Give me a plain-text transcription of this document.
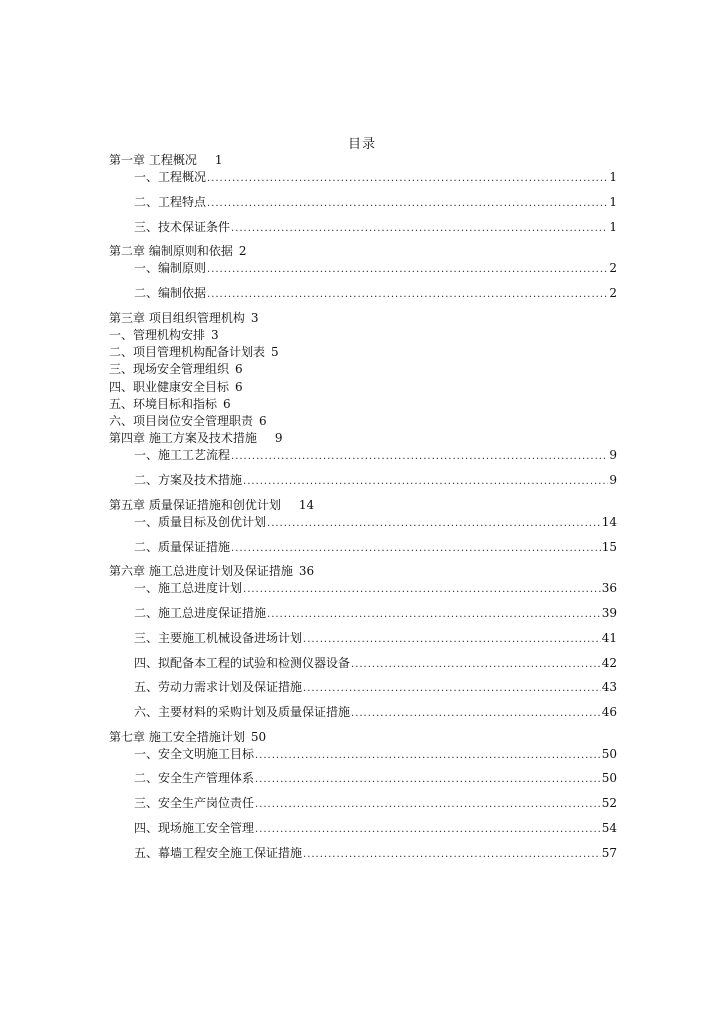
目录
第一章 工程概况 1
一、工程概况 .....	1
二、工程特点 .....	1
三、技术保证条件 .....	1
第二章 编制原则和依据 2
一、编制原则 .....	2
二、编制依据 .....	2
第三章 项目组织管理机构 3
一、管理机构安排 3
二、项目管理机构配备计划表 5
三、现场安全管理组织 6
四、职业健康安全目标 6
五、环境目标和指标 6
六、项目岗位安全管理职责 6
第四章 施工方案及技术措施 9
一、施工工艺流程 .....	9
二、方案及技术措施 .....	9
第五章 质量保证措施和创优计划 14
一、质量目标及创优计划 .....	14
二、质量保证措施 .....	15
第六章 施工总进度计划及保证措施 36
一、施工总进度计划 .....	36
二、施工总进度保证措施 .....	39
三、主要施工机械设备进场计划 .....	41
四、拟配备本工程的试验和检测仪器设备 .....	42
五、劳动力需求计划及保证措施 .....	43
六、主要材料的采购计划及质量保证措施 .....	46
第七章 施工安全措施计划 50
一、安全文明施工目标 .....	50
二、安全生产管理体系 .....	50
三、安全生产岗位责任 .....	52
四、现场施工安全管理 .....	54
五、幕墙工程安全施工保证措施 .....	57
